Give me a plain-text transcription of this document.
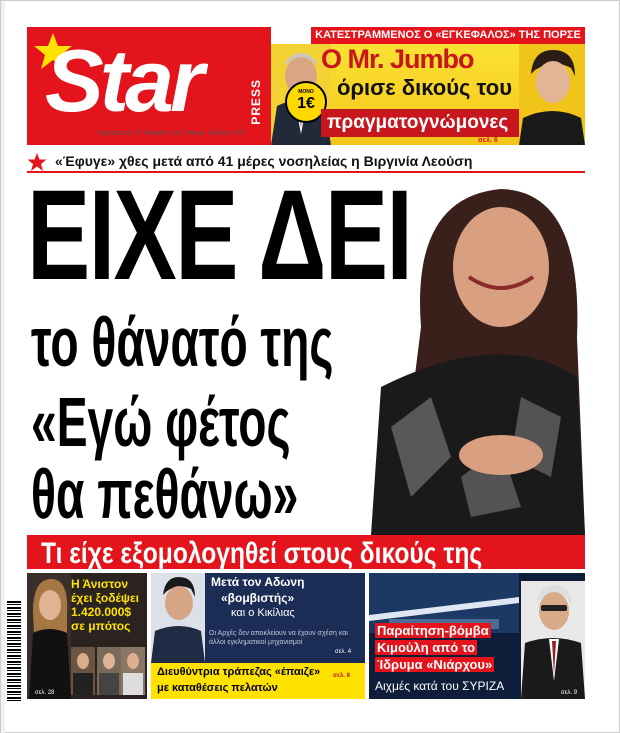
Star	PRESS
Παρασκευή 17 Μαρτίου 2017 ■ Αρ. Φύλλου 797
ΚΑΤΕΣΤΡΑΜΜΕΝΟΣ Ο «ΕΓΚΕΦΑΛΟΣ» ΤΗΣ ΠΟΡΣΕ
ΜΟΝΟ
1€
Ο Mr. Jumbo
όρισε δικούς του
πραγματογνώμονες
σελ. 6
«Έφυγε» χθες μετά από 41 μέρες νοσηλείας η Βιργινία Λεούση
ΕΙΧΕ ΔΕΙ
το θάνατό της
«Εγώ φέτος
θα πεθάνω»	σελ. 13
Τι είχε εξομολογηθεί στους δικούς της
Η Άνιστον
έχει ξοδέψει
1.420.000$
σε μπότος
σελ. 28
Μετά τον Αδωνη
«βομβιστής»
και ο Κικίλιας
Οι Αρχές δεν αποκλείουν να έχουν σχέση και άλλοι εγκληματικοί μηχανισμοί
σελ. 4
Διευθύντρια τράπεζας «έπαιζε»
με καταθέσεις πελατών
σελ. 8
Παραίτηση-βόμβα
Κιμούλη από το
Ίδρυμα «Νιάρχου»
Αιχμές κατά του ΣΥΡΙΖΑ	σελ. 9
